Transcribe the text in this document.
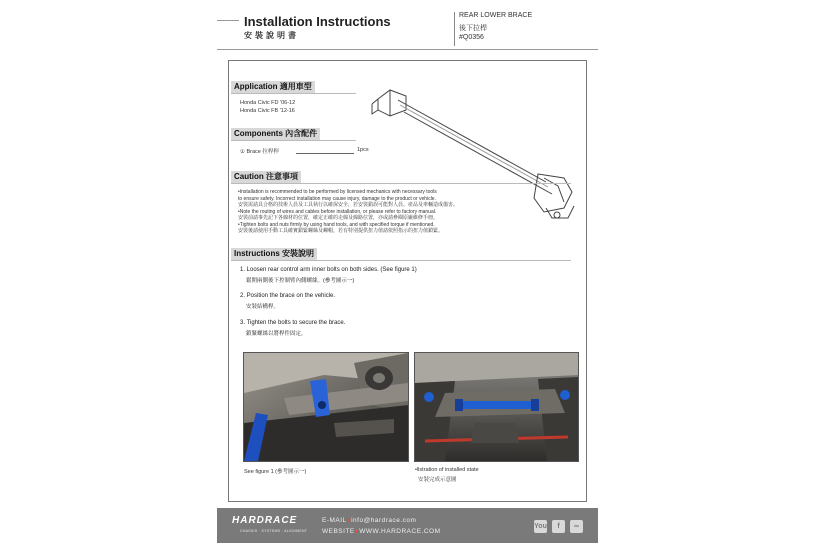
Installation Instructions
安裝說明書
REAR LOWER BRACE
後下拉桿
#Q0356
Application 適用車型
Honda Civic FD '06-12
Honda Civic FB '12-16
Components 內含配件
① Brace 拉桿桿	1pcs
Caution 注意事項
•Installation is recommended to be performed by licensed mechanics with necessary tools
to ensure safety. Incorrect installation may cause injury, damage to the product or vehicle.
安裝需請具合格的技術人員及工具執行以確保安全，若安裝錯誤可能對人員、產品及車輛造成傷害。
•Note the routing of wires and cables before installation, or please refer to factory manual.
安裝前請事先記下各線材的位置，確定正確的走線及線路位置，亦或請參閱原廠維修手冊。
•Tighten bolts and nuts firmly by using hand tools, and with specified torque if mentioned.
安裝後請使用手動工具確實鎖緊螺絲及螺帽，若有特別提供扭力值請依照指示的扭力值鎖緊。
Instructions 安裝說明
1. Loosen rear control arm inner bolts on both sides. (See figure 1)
鬆開兩側後下控制臂內側螺絲。(參考圖示一)
2. Position the brace on the vehicle.
安裝結構桿。
3. Tighten the bolts to secure the brace.
鎖緊螺絲以將桿件固定。
See figure 1 (參考圖示一)	•llstration of installed state
安裝完成示意圖
HARDRACE
CHASSIS · SYSTEMS · ALIGNMENT
E-MAIL●info@hardrace.com
WEBSITE●WWW.HARDRACE.COM
You	f	∞
